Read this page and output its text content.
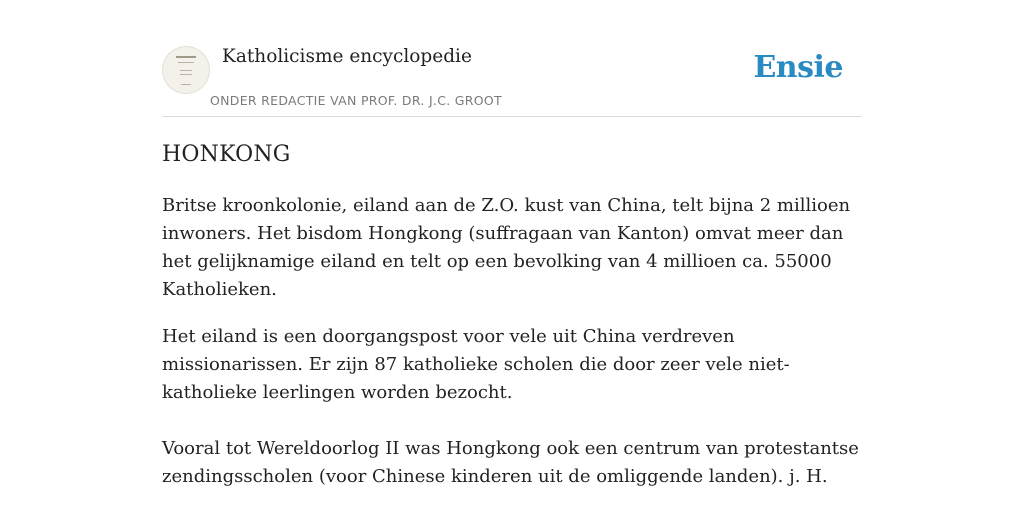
Katholicisme encyclopedie
ONDER REDACTIE VAN PROF. DR. J.C. GROOT
Ensie
HONKONG

Britse kroonkolonie, eiland aan de Z.O. kust van China, telt bijna 2 millioen inwoners. Het bisdom Hongkong (suffragaan van Kanton) omvat meer dan het gelijknamige eiland en telt op een bevolking van 4 millioen ca. 55000 Katholieken.

Het eiland is een doorgangspost voor vele uit China verdreven missionarissen. Er zijn 87 katholieke scholen die door zeer vele niet-katholieke leerlingen worden bezocht.

Vooral tot Wereldoorlog II was Hongkong ook een centrum van protestantse zendingsscholen (voor Chinese kinderen uit de omliggende landen). j. H.
